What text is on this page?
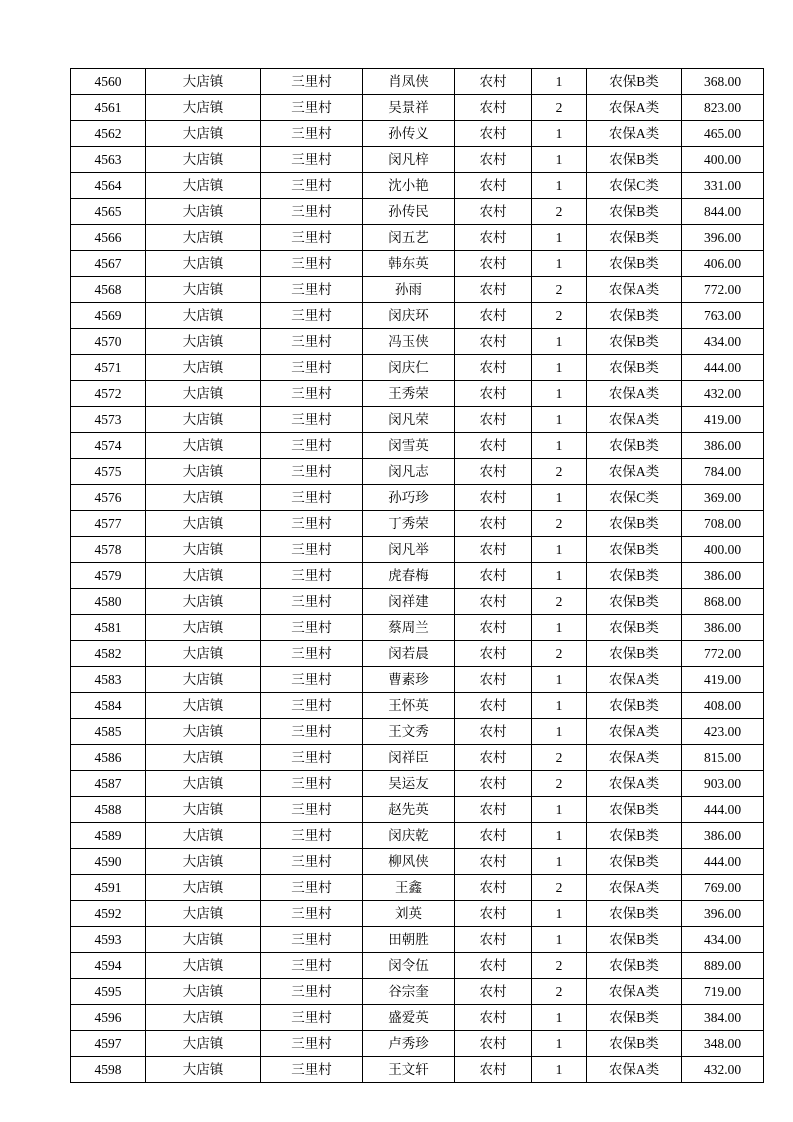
4560	大店镇	三里村	肖凤侠	农村	1	农保B类	368.00
4561	大店镇	三里村	吴景祥	农村	2	农保A类	823.00
4562	大店镇	三里村	孙传义	农村	1	农保A类	465.00
4563	大店镇	三里村	闵凡梓	农村	1	农保B类	400.00
4564	大店镇	三里村	沈小艳	农村	1	农保C类	331.00
4565	大店镇	三里村	孙传民	农村	2	农保B类	844.00
4566	大店镇	三里村	闵五艺	农村	1	农保B类	396.00
4567	大店镇	三里村	韩东英	农村	1	农保B类	406.00
4568	大店镇	三里村	孙雨	农村	2	农保A类	772.00
4569	大店镇	三里村	闵庆环	农村	2	农保B类	763.00
4570	大店镇	三里村	冯玉侠	农村	1	农保B类	434.00
4571	大店镇	三里村	闵庆仁	农村	1	农保B类	444.00
4572	大店镇	三里村	王秀荣	农村	1	农保A类	432.00
4573	大店镇	三里村	闵凡荣	农村	1	农保A类	419.00
4574	大店镇	三里村	闵雪英	农村	1	农保B类	386.00
4575	大店镇	三里村	闵凡志	农村	2	农保A类	784.00
4576	大店镇	三里村	孙巧珍	农村	1	农保C类	369.00
4577	大店镇	三里村	丁秀荣	农村	2	农保B类	708.00
4578	大店镇	三里村	闵凡举	农村	1	农保B类	400.00
4579	大店镇	三里村	虎春梅	农村	1	农保B类	386.00
4580	大店镇	三里村	闵祥建	农村	2	农保B类	868.00
4581	大店镇	三里村	蔡周兰	农村	1	农保B类	386.00
4582	大店镇	三里村	闵若晨	农村	2	农保B类	772.00
4583	大店镇	三里村	曹素珍	农村	1	农保A类	419.00
4584	大店镇	三里村	王怀英	农村	1	农保B类	408.00
4585	大店镇	三里村	王文秀	农村	1	农保A类	423.00
4586	大店镇	三里村	闵祥臣	农村	2	农保A类	815.00
4587	大店镇	三里村	吴运友	农村	2	农保A类	903.00
4588	大店镇	三里村	赵先英	农村	1	农保B类	444.00
4589	大店镇	三里村	闵庆乾	农村	1	农保B类	386.00
4590	大店镇	三里村	柳风侠	农村	1	农保B类	444.00
4591	大店镇	三里村	王鑫	农村	2	农保A类	769.00
4592	大店镇	三里村	刘英	农村	1	农保B类	396.00
4593	大店镇	三里村	田朝胜	农村	1	农保B类	434.00
4594	大店镇	三里村	闵令伍	农村	2	农保B类	889.00
4595	大店镇	三里村	谷宗奎	农村	2	农保A类	719.00
4596	大店镇	三里村	盛爱英	农村	1	农保B类	384.00
4597	大店镇	三里村	卢秀珍	农村	1	农保B类	348.00
4598	大店镇	三里村	王文轩	农村	1	农保A类	432.00
